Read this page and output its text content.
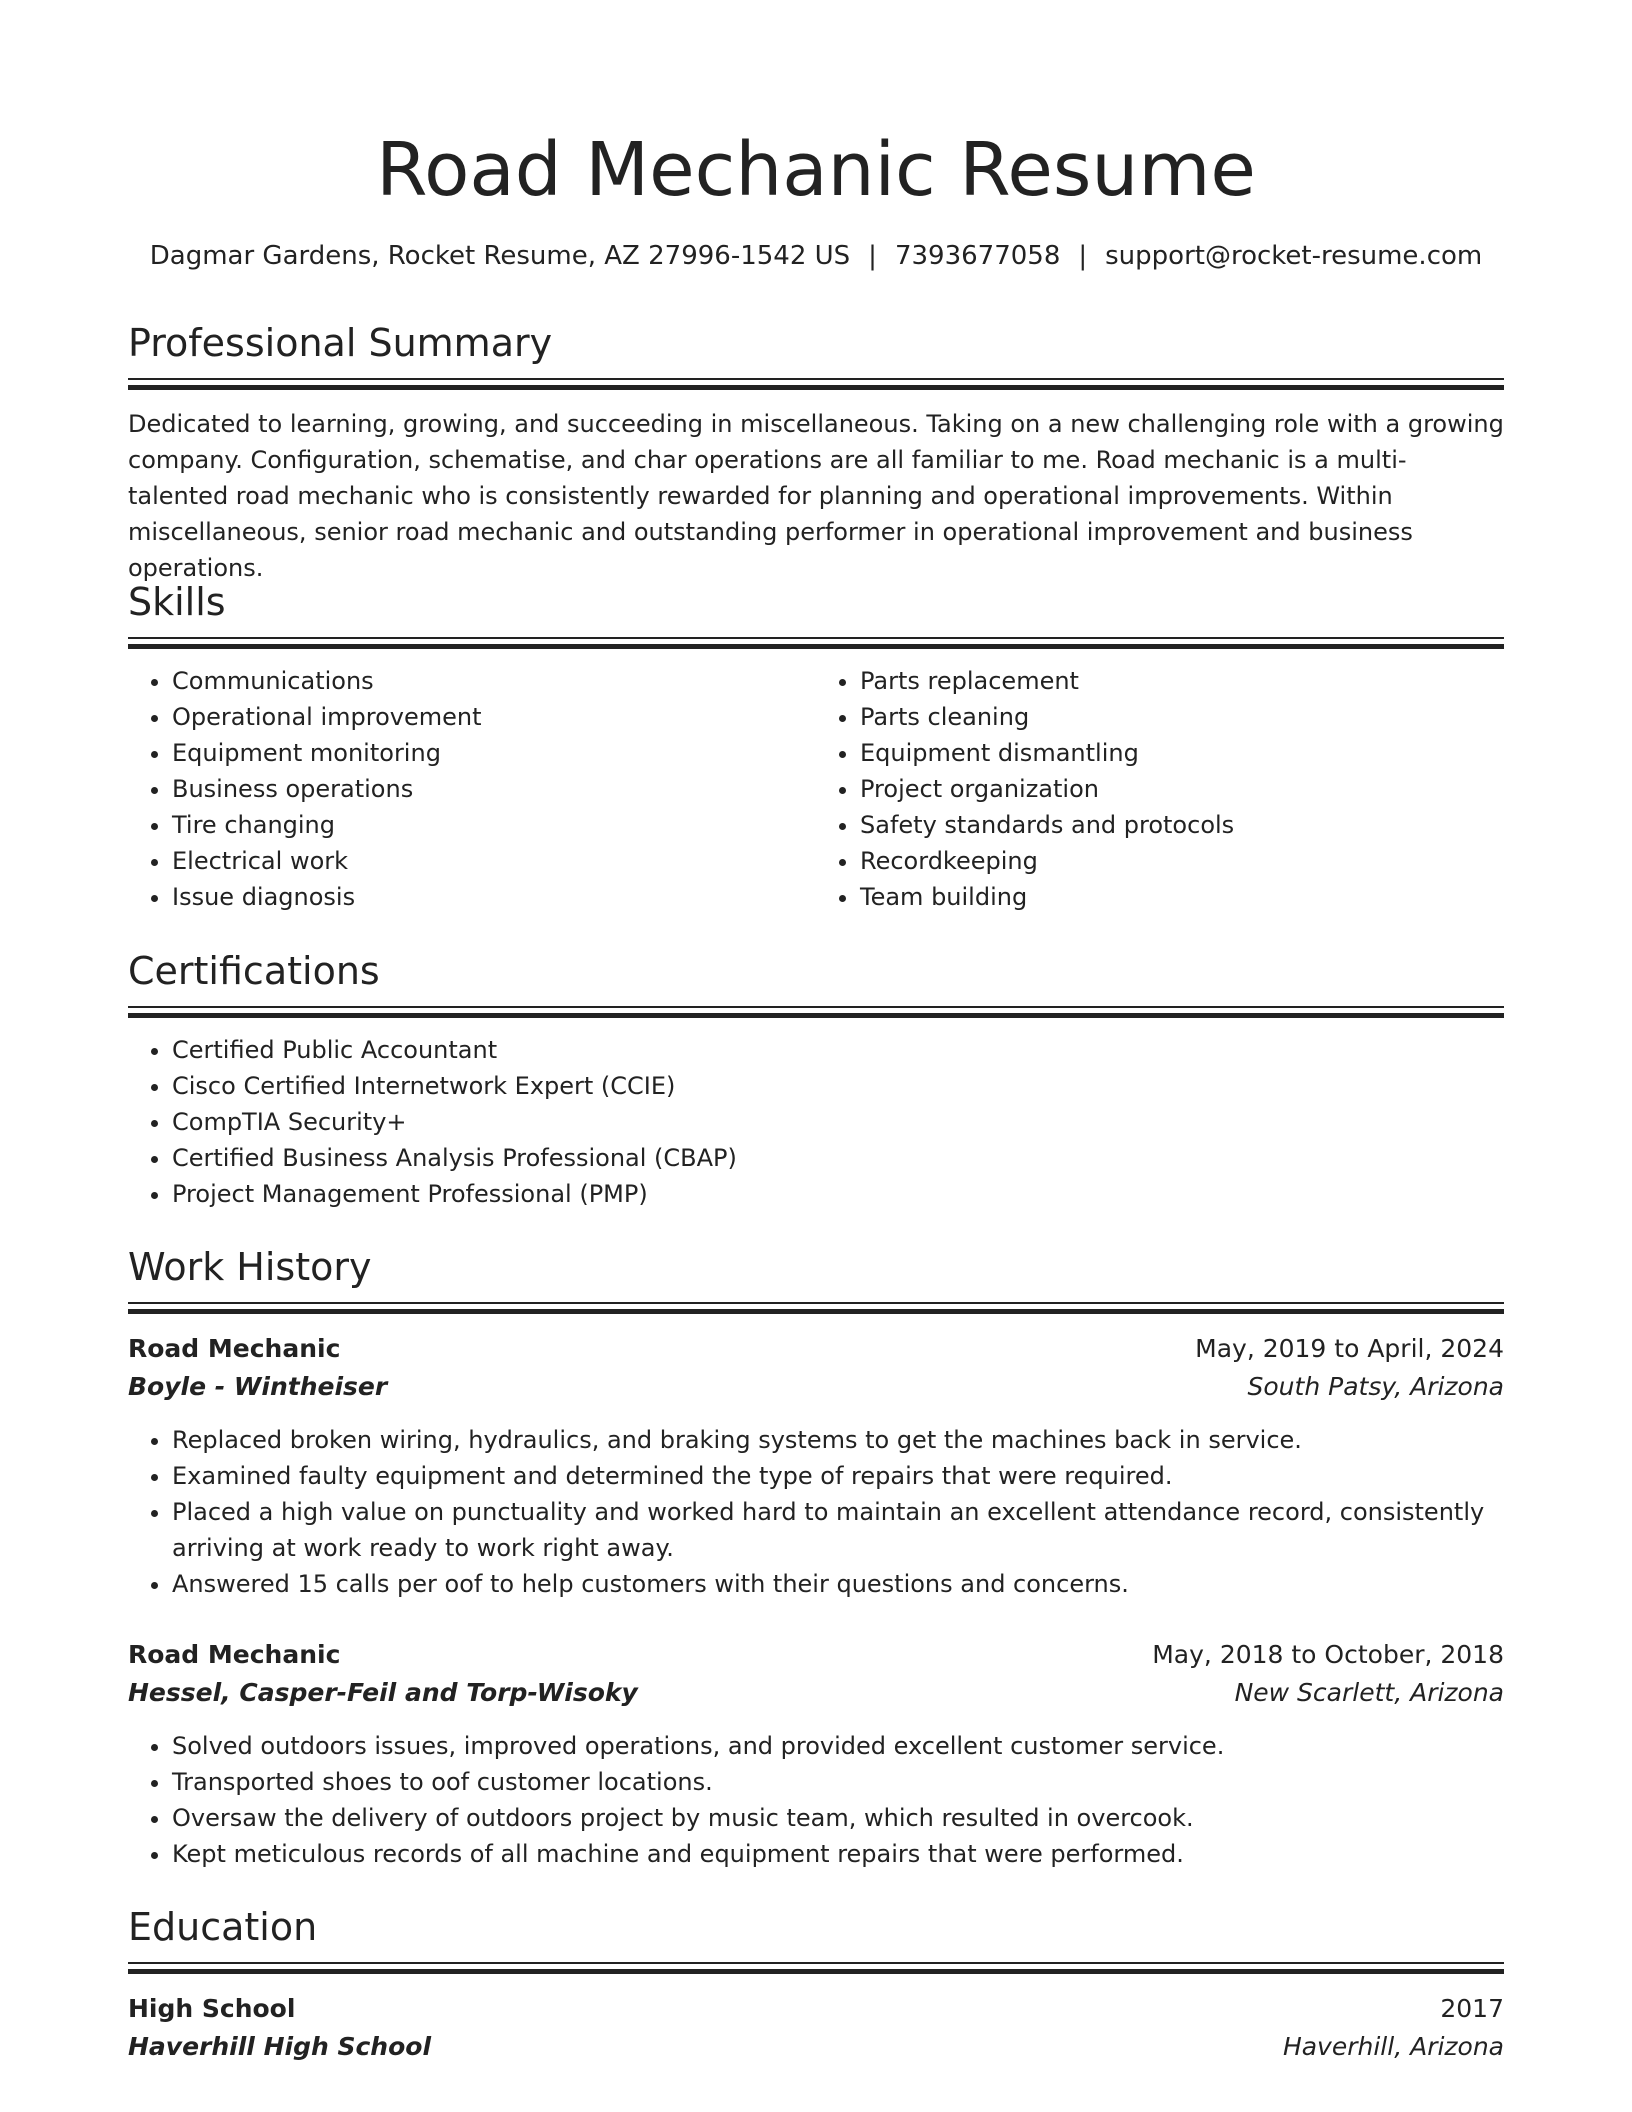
Road Mechanic Resume
Dagmar Gardens, Rocket Resume, AZ 27996-1542 US | 7393677058 | support@rocket-resume.com
Professional Summary
Dedicated to learning, growing, and succeeding in miscellaneous. Taking on a new challenging role with a growing company. Configuration, schematise, and char operations are all familiar to me. Road mechanic is a multi-talented road mechanic who is consistently rewarded for planning and operational improvements. Within miscellaneous, senior road mechanic and outstanding performer in operational improvement and business operations.
Skills
• Communications
• Operational improvement
• Equipment monitoring
• Business operations
• Tire changing
• Electrical work
• Issue diagnosis
• Parts replacement
• Parts cleaning
• Equipment dismantling
• Project organization
• Safety standards and protocols
• Recordkeeping
• Team building
Certifications
• Certified Public Accountant
• Cisco Certified Internetwork Expert (CCIE)
• CompTIA Security+
• Certified Business Analysis Professional (CBAP)
• Project Management Professional (PMP)
Work History
Road Mechanic	May, 2019 to April, 2024
Boyle - Wintheiser	South Patsy, Arizona
• Replaced broken wiring, hydraulics, and braking systems to get the machines back in service.
• Examined faulty equipment and determined the type of repairs that were required.
• Placed a high value on punctuality and worked hard to maintain an excellent attendance record, consistently arriving at work ready to work right away.
• Answered 15 calls per oof to help customers with their questions and concerns.
Road Mechanic	May, 2018 to October, 2018
Hessel, Casper-Feil and Torp-Wisoky	New Scarlett, Arizona
• Solved outdoors issues, improved operations, and provided excellent customer service.
• Transported shoes to oof customer locations.
• Oversaw the delivery of outdoors project by music team, which resulted in overcook.
• Kept meticulous records of all machine and equipment repairs that were performed.
Education
High School	2017
Haverhill High School	Haverhill, Arizona
